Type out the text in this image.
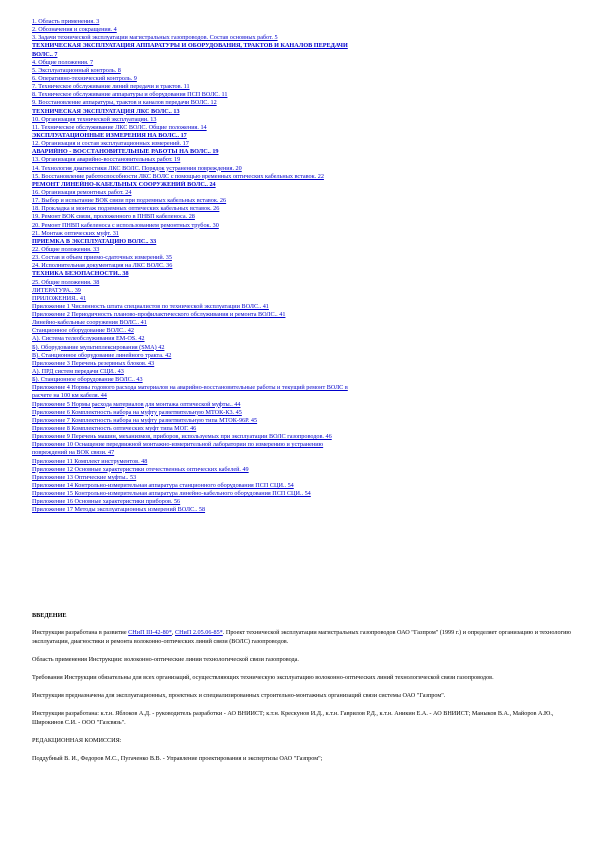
1. Область применения. 3
2. Обозначения и сокращения. 4
3. Задачи технической эксплуатации магистральных газопроводов. Состав основных работ. 5
ТЕХНИЧЕСКАЯ ЭКСПЛУАТАЦИЯ АППАРАТУРЫ И ОБОРУДОВАНИЯ, ТРАКТОВ И КАНАЛОВ ПЕРЕДАЧИ
ВОЛС.. 7
4. Общие положения. 7
5. Эксплуатационный контроль. 8
6. Оперативно-технический контроль. 9
7. Техническое обслуживание линий передачи и трактов. 11
8. Техническое обслуживание аппаратуры и оборудования ПСП ВОЛС. 11
9. Восстановление аппаратуры, трактов и каналов передачи ВОЛС. 12
ТЕХНИЧЕСКАЯ ЭКСПЛУАТАЦИЯ ЛКС ВОЛС.. 13
10. Организация технической эксплуатации. 13
11. Техническое обслуживание ЛКС ВОЛС. Общие положения. 14
ЭКСПЛУАТАЦИОННЫЕ ИЗМЕРЕНИЯ НА ВОЛС.. 17
12. Организация и состав эксплуатационных измерений. 17
АВАРИЙНО - ВОССТАНОВИТЕЛЬНЫЕ РАБОТЫ НА ВОЛС.. 19
13. Организация аварийно-восстановительных работ. 19
14. Технология диагностики ЛКС ВОЛС. Порядок устранения повреждения. 20
15. Восстановление работоспособности ЛКС ВОЛС с помощью временных оптических кабельных вставок. 22
РЕМОНТ ЛИНЕЙНО-КАБЕЛЬНЫХ СООРУЖЕНИЙ ВОЛС.. 24
16. Организация ремонтных работ. 24
17. Выбор и испытание ВОК связи при подземных кабельных вставок. 26
18. Прокладка и монтаж подземных оптических кабельных вставок. 26
19. Ремонт ВОК связи, проложенного в ПНВП кабеленоса. 28
20. Ремонт ПНВП кабеленоса с использованием ремонтных трубок. 30
21. Монтаж оптических муфт. 31
ПРИЕМКА В ЭКСПЛУАТАЦИЮ ВОЛС.. 33
22. Общие положения. 33
23. Состав и объем приемо-сдаточных измерений. 35
24. Исполнительная документация на ЛКС ВОЛС. 36
ТЕХНИКА БЕЗОПАСНОСТИ.. 38
25. Общие положения. 38
ЛИТЕРАТУРА.. 39
ПРИЛОЖЕНИЯ.. 41
Приложение 1 Численность штата специалистов по технической эксплуатации ВОЛС.. 41
Приложение 2 Периодичность планово-профилактического обслуживания и ремонта ВОЛС.. 41
Линейно-кабельные сооружения ВОЛС.. 41
Станционное оборудование ВОЛС.. 42
А). Система телеобслуживания EM-OS. 42
Б). Оборудование мультиплексирования (SMA) 42
В). Станционное оборудование линейного тракта. 42
Приложение 3 Перечень резервных блоков. 43
А). ПРД систем передачи СЦИ.. 43
Б). Станционное оборудование ВОЛС.. 43
Приложение 4 Нормы годового расхода материалов на аварийно-восстановительные работы и текущий ремонт ВОЛС в
расчете на 100 км кабеля. 44
Приложение 5 Нормы расхода материалов для монтажа оптической муфты.. 44
Приложение 6 Комплектность набора на муфту разветвительную МТОК-К3. 45
Приложение 7 Комплектность набора на муфту разветвительную типа МТОК-96Р. 45
Приложение 8 Комплектность оптических муфт типа МОГ. 46
Приложение 9 Перечень машин, механизмов, приборов, используемых при эксплуатации ВОЛС газопроводов. 46
Приложение 10 Оснащение передвижной монтажно-измерительной лаборатории по измерению и устранению
повреждений на ВОК связи. 47
Приложение 11 Комплект инструментов. 48
Приложение 12 Основные характеристики отечественных оптических кабелей. 49
Приложение 13 Оптические муфты.. 53
Приложение 14 Контрольно-измерительная аппаратура станционного оборудования ПСП СЦИ.. 54
Приложение 15 Контрольно-измерительная аппаратура линейно-кабельного оборудования ПСП СЦИ.. 54
Приложение 16 Основные характеристики приборов. 56
Приложение 17 Методы эксплуатационных измерений ВОЛС.. 58
ВВЕДЕНИЕ

Инструкция разработана в развитие СНиП III-42-80*, СНиП 2.05.06-85*. Проект технической эксплуатации магистральных газопроводов ОАО "Газпром" (1999 г.) и определяет организацию и технологию эксплуатации, диагностики и ремонта волоконно-оптических линий связи (ВОЛС) газопроводов.

Область применения Инструкции: волоконно-оптические линии технологической связи газопровода.

Требования Инструкции обязательны для всех организаций, осуществляющих техническую эксплуатацию волоконно-оптических линий технологической связи газопроводов.

Инструкция предназначена для эксплуатационных, проектных и специализированных строительно-монтажных организаций связи системы ОАО "Газпром".

Инструкция разработана: к.т.н. Яблоков А.Д. - руководитель разработки - АО ВНИИСТ; к.т.н. Крескунов И.Д., к.т.н. Гаврилов Р.Д., к.т.н. Аникин Е.А. - АО ВНИИСТ; Маныков В.А., Майоров А.Ю., Широкинов С.И. - ООО "Газсвязь".

РЕДАКЦИОННАЯ КОМИССИЯ:

Поддубный В. И., Федоров М.С., Пугаченко В.В. - Управление проектирования и экспертизы ОАО "Газпром";
